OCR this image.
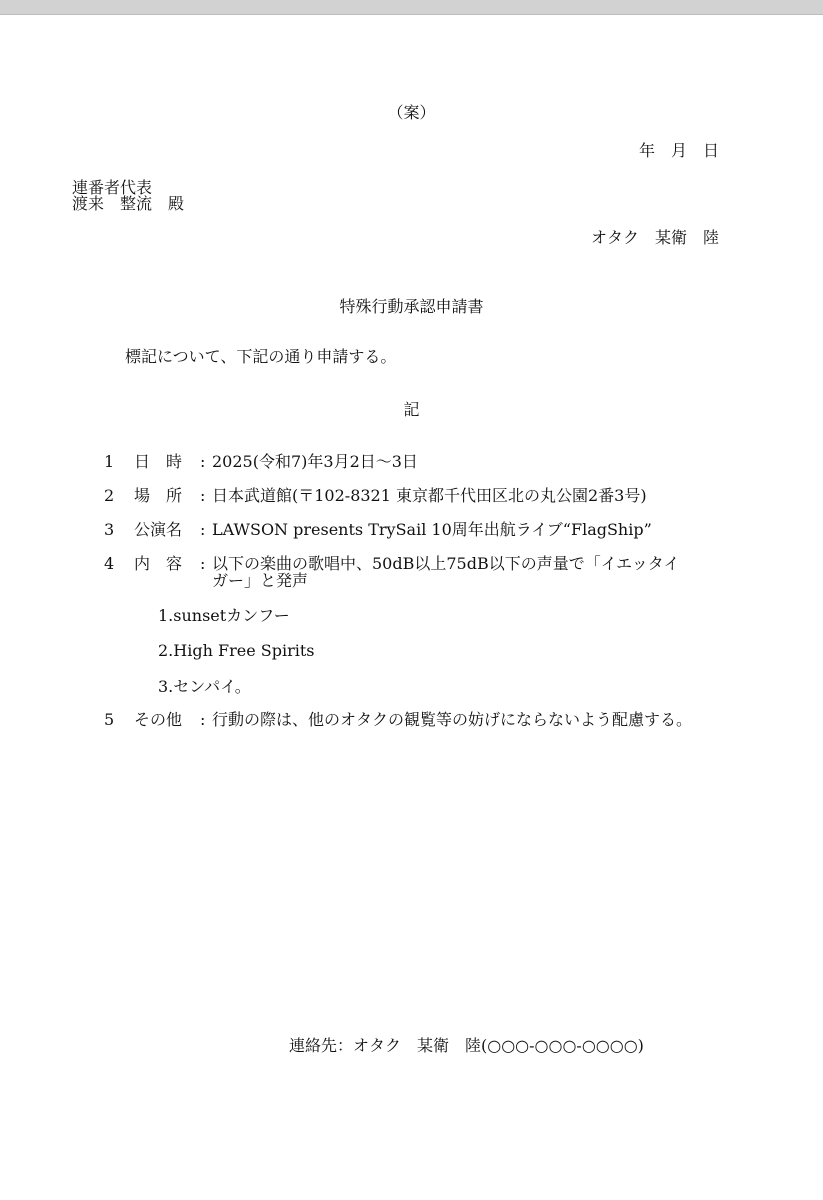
（案）
年　月　日
連番者代表
渡来　整流　殿
オタク　某衛　陸
特殊行動承認申請書
標記について、下記の通り申請する。
記
1 日　時 : 2025(令和7)年3月2日〜3日
2 場　所 : 日本武道館(〒102-8321 東京都千代田区北の丸公園2番3号)
3 公演名 : LAWSON presents TrySail 10周年出航ライブ“FlagShip”
4 内　容 : 以下の楽曲の歌唱中、50dB以上75dB以下の声量で「イエッタイ
ガー」と発声
1.sunsetカンフー
2.High Free Spirits
3.センパイ。
5 その他 : 行動の際は、他のオタクの観覧等の妨げにならないよう配慮する。
連絡先：オタク　某衛　陸(○○○-○○○-○○○○)
